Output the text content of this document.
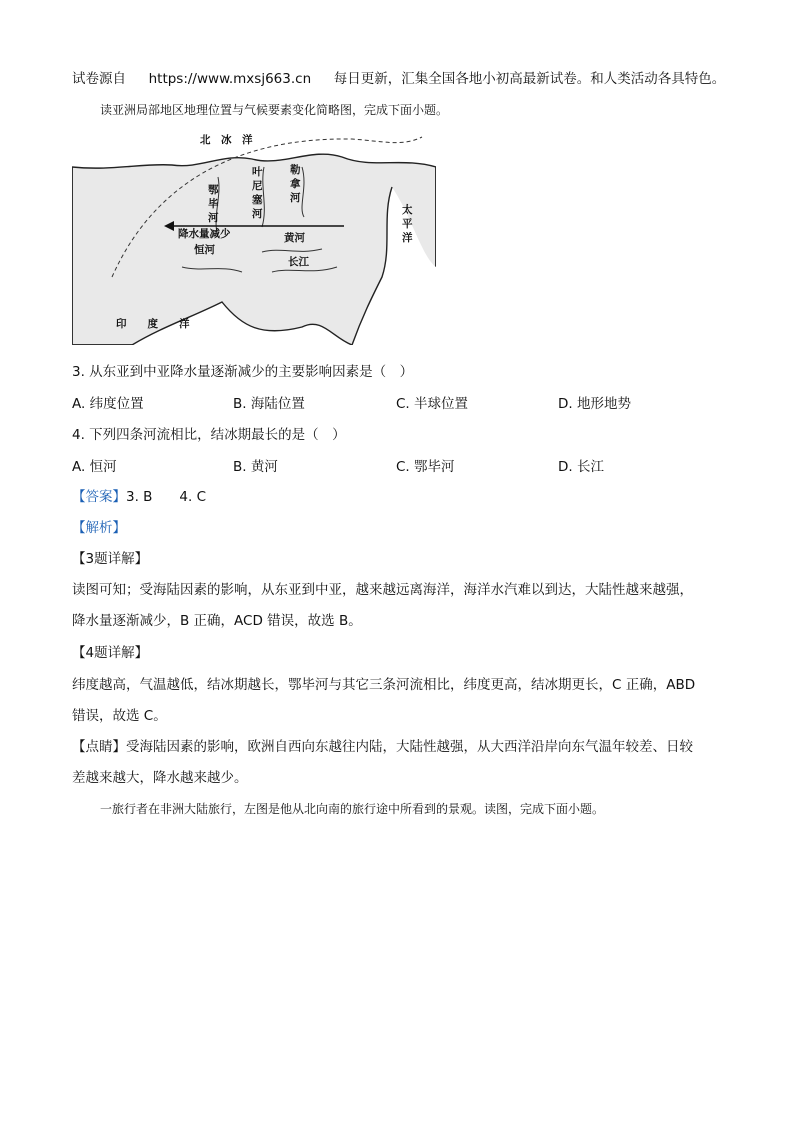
试卷源自 https://www.mxsj663.cn 每日更新，汇集全国各地小初高最新试卷。和人类活动各具特色。
读亚洲局部地区地理位置与气候要素变化简略图，完成下面小题。
北　冰　洋
叶
尼
塞
河
勒
拿
河
鄂
毕
河
太
平
洋
降水量减少	黄河
长江
恒河
印　　度　　洋
3. 从东亚到中亚降水量逐渐减少的主要影响因素是（　）
A. 纬度位置	B. 海陆位置	C. 半球位置	D. 地形地势
4. 下列四条河流相比，结冰期最长的是（　）
A. 恒河	B. 黄河	C. 鄂毕河	D. 长江
【答案】3. B　　4. C
【解析】
【3题详解】
读图可知；受海陆因素的影响，从东亚到中亚，越来越远离海洋，海洋水汽难以到达，大陆性越来越强，
降水量逐渐减少，B 正确，ACD 错误，故选 B。
【4题详解】
纬度越高，气温越低，结冰期越长，鄂毕河与其它三条河流相比，纬度更高，结冰期更长，C 正确，ABD
错误，故选 C。
【点睛】受海陆因素的影响，欧洲自西向东越往内陆，大陆性越强，从大西洋沿岸向东气温年较差、日较
差越来越大，降水越来越少。
一旅行者在非洲大陆旅行，左图是他从北向南的旅行途中所看到的景观。读图，完成下面小题。
